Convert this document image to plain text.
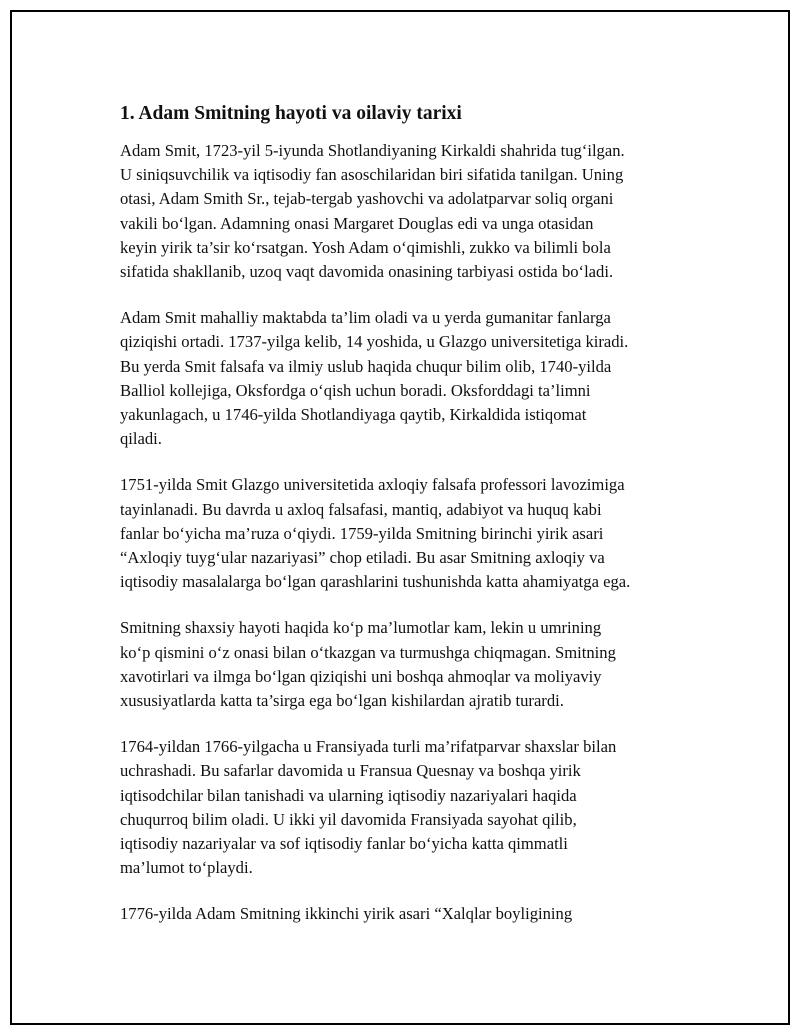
1. Adam Smitning hayoti va oilaviy tarixi
Adam Smit, 1723-yil 5-iyunda Shotlandiyaning Kirkaldi shahrida tug‘ilgan.
U siniqsuvchilik va iqtisodiy fan asoschilaridan biri sifatida tanilgan. Uning
otasi, Adam Smith Sr., tejab-tergab yashovchi va adolatparvar soliq organi
vakili bo‘lgan. Adamning onasi Margaret Douglas edi va unga otasidan
keyin yirik ta’sir ko‘rsatgan. Yosh Adam o‘qimishli, zukko va bilimli bola
sifatida shakllanib, uzoq vaqt davomida onasining tarbiyasi ostida bo‘ladi.
Adam Smit mahalliy maktabda ta’lim oladi va u yerda gumanitar fanlarga
qiziqishi ortadi. 1737-yilga kelib, 14 yoshida, u Glazgo universitetiga kiradi.
Bu yerda Smit falsafa va ilmiy uslub haqida chuqur bilim olib, 1740-yilda
Balliol kollejiga, Oksfordga o‘qish uchun boradi. Oksforddagi ta’limni
yakunlagach, u 1746-yilda Shotlandiyaga qaytib, Kirkaldida istiqomat
qiladi.
1751-yilda Smit Glazgo universitetida axloqiy falsafa professori lavozimiga
tayinlanadi. Bu davrda u axloq falsafasi, mantiq, adabiyot va huquq kabi
fanlar bo‘yicha ma’ruza o‘qiydi. 1759-yilda Smitning birinchi yirik asari
“Axloqiy tuyg‘ular nazariyasi” chop etiladi. Bu asar Smitning axloqiy va
iqtisodiy masalalarga bo‘lgan qarashlarini tushunishda katta ahamiyatga ega.
Smitning shaxsiy hayoti haqida ko‘p ma’lumotlar kam, lekin u umrining
ko‘p qismini o‘z onasi bilan o‘tkazgan va turmushga chiqmagan. Smitning
xavotirlari va ilmga bo‘lgan qiziqishi uni boshqa ahmoqlar va moliyaviy
xususiyatlarda katta ta’sirga ega bo‘lgan kishilardan ajratib turardi.
1764-yildan 1766-yilgacha u Fransiyada turli ma’rifatparvar shaxslar bilan
uchrashadi. Bu safarlar davomida u Fransua Quesnay va boshqa yirik
iqtisodchilar bilan tanishadi va ularning iqtisodiy nazariyalari haqida
chuqurroq bilim oladi. U ikki yil davomida Fransiyada sayohat qilib,
iqtisodiy nazariyalar va sof iqtisodiy fanlar bo‘yicha katta qimmatli
ma’lumot to‘playdi.
1776-yilda Adam Smitning ikkinchi yirik asari “Xalqlar boyligining
